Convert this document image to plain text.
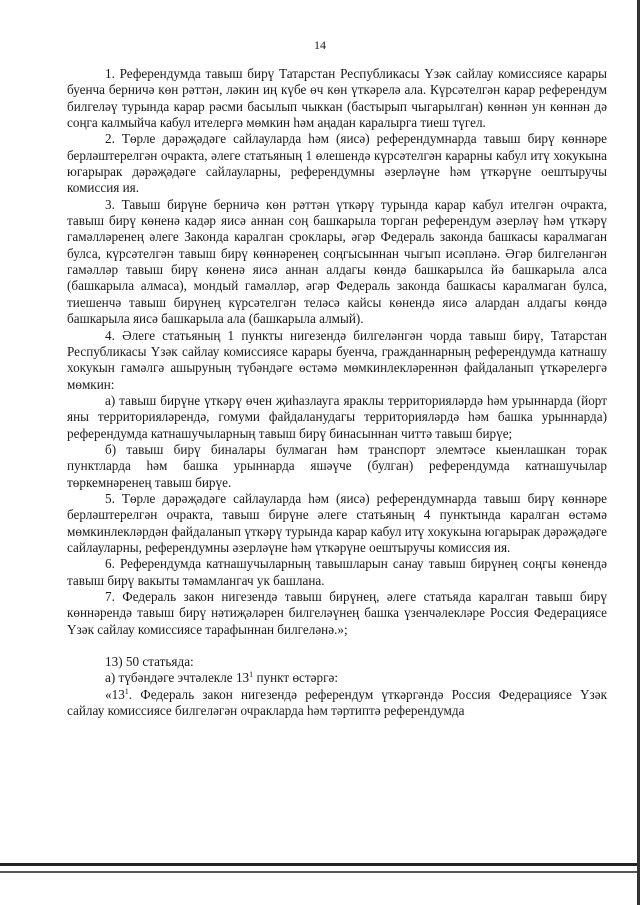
14

1. Референдумда тавыш бирү Татарстан Республикасы Үзәк сайлау комиссиясе карары буенча берничә көн рәттән, ләкин иң күбе өч көн үткәрелә ала. Күрсәтелгән карар референдум билгеләү турында карар рәсми басылып чыккан (бастырып чыгарылган) көннән ун көннән дә соңга калмыйча кабул ителергә мөмкин һәм аңадан каралырга тиеш түгел.

2. Төрле дәрәҗәдәге сайлауларда һәм (яисә) референдумнарда тавыш бирү көннәре берләштерелгән очракта, әлеге статьяның 1 өлешендә күрсәтелгән карарны кабул итү хокукына югарырак дәрәҗәдәге сайлауларны, референдумны әзерләүне һәм үткәрүне оештыручы комиссия ия.

3. Тавыш бирүне берничә көн рәттән үткәрү турында карар кабул ителгән очракта, тавыш бирү көненә кадәр яисә аннан соң башкарыла торган референдум әзерләү һәм үткәрү гамәлләренең әлеге Законда каралган сроклары, әгәр Федераль законда башкасы каралмаган булса, күрсәтелгән тавыш бирү көннәренең соңгысыннан чыгып исәпләнә. Әгәр билгеләнгән гамәлләр тавыш бирү көненә яисә аннан алдагы көндә башкарылса йә башкарыла алса (башкарыла алмаса), мондый гамәлләр, әгәр Федераль законда башкасы каралмаган булса, тиешенчә тавыш бирүнең күрсәтелгән теләсә кайсы көнендә яисә алардан алдагы көндә башкарыла яисә башкарыла ала (башкарыла алмый).

4. Әлеге статьяның 1 пункты нигезендә билгеләнгән чорда тавыш бирү, Татарстан Республикасы Үзәк сайлау комиссиясе карары буенча, гражданнарның референдумда катнашу хокукын гамәлгә ашыруның түбәндәге өстәмә мөмкинлекләреннән файдаланып үткәрелергә мөмкин:

а) тавыш бирүне үткәрү өчен җиһазлауга яраклы территорияләрдә һәм урыннарда (йорт яны территорияләрендә, гомуми файдаланудагы территорияләрдә һәм башка урыннарда) референдумда катнашучыларның тавыш бирү бинасыннан читтә тавыш бирүе;

б) тавыш бирү биналары булмаган һәм транспорт элемтәсе кыенлашкан торак пунктларда һәм башка урыннарда яшәүче (булган) референдумда катнашучылар төркемнәренең тавыш бирүе.

5. Төрле дәрәҗәдәге сайлауларда һәм (яисә) референдумнарда тавыш бирү көннәре берләштерелгән очракта, тавыш бирүне әлеге статьяның 4 пунктында каралган өстәмә мөмкинлекләрдән файдаланып үткәрү турында карар кабул итү хокукына югарырак дәрәҗәдәге сайлауларны, референдумны әзерләүне һәм үткәрүне оештыручы комиссия ия.

6. Референдумда катнашучыларның тавышларын санау тавыш бирүнең соңгы көнендә тавыш бирү вакыты тәмамлангач ук башлана.

7. Федераль закон нигезендә тавыш бирүнең, әлеге статьяда каралган тавыш бирү көннәрендә тавыш бирү нәтиҗәләрен билгеләүнең башка үзенчәлекләре Россия Федерациясе Үзәк сайлау комиссиясе тарафыннан билгеләнә.»;

13) 50 статьяда:

а) түбәндәге эчтәлекле $13^1$ пункт өстәргә:

«$13^1$. Федераль закон нигезендә референдум үткәргәндә Россия Федерациясе Үзәк сайлау комиссиясе билгеләгән очракларда һәм тәртиптә референдумда
